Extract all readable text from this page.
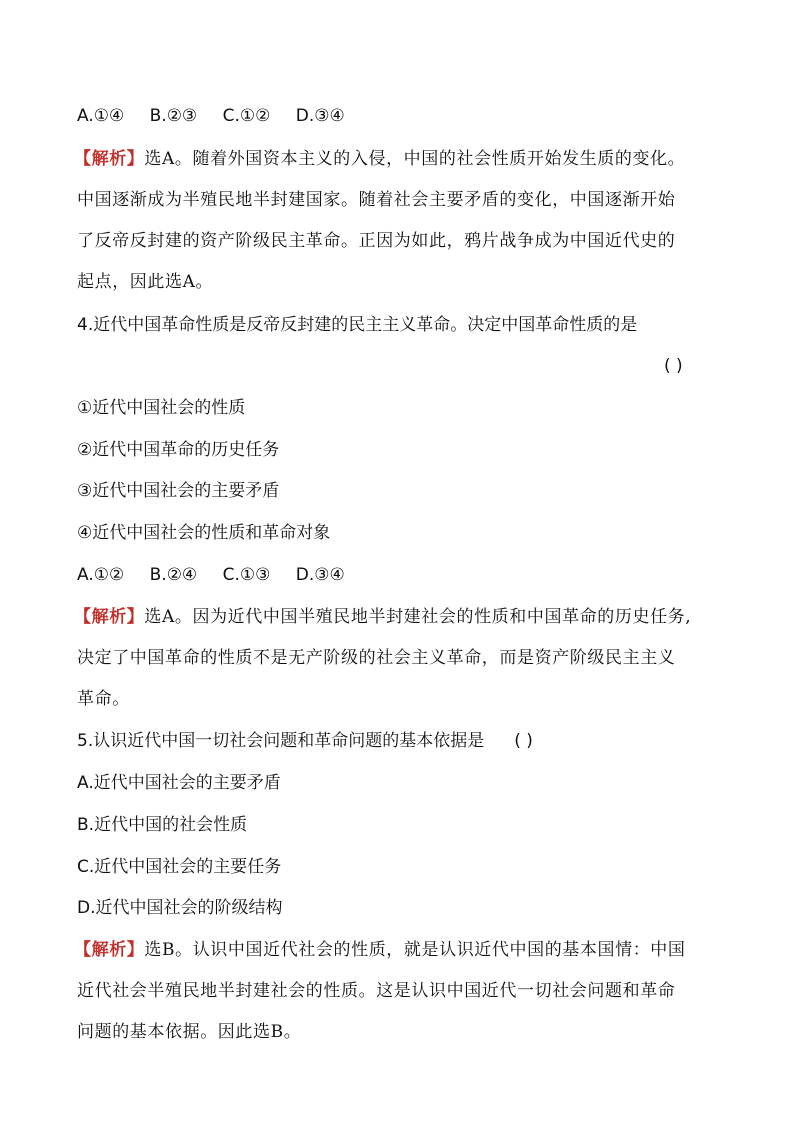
A.①④ B.②③ C.①② D.③④
【解析】选A。随着外国资本主义的入侵，中国的社会性质开始发生质的变化。
中国逐渐成为半殖民地半封建国家。随着社会主要矛盾的变化，中国逐渐开始
了反帝反封建的资产阶级民主革命。正因为如此，鸦片战争成为中国近代史的
起点，因此选A。
4.近代中国革命性质是反帝反封建的民主主义革命。决定中国革命性质的是
( )
①近代中国社会的性质
②近代中国革命的历史任务
③近代中国社会的主要矛盾
④近代中国社会的性质和革命对象
A.①② B.②④ C.①③ D.③④
【解析】选A。因为近代中国半殖民地半封建社会的性质和中国革命的历史任务,
决定了中国革命的性质不是无产阶级的社会主义革命，而是资产阶级民主主义
革命。
5.认识近代中国一切社会问题和革命问题的基本依据是 ( )
A.近代中国社会的主要矛盾
B.近代中国的社会性质
C.近代中国社会的主要任务
D.近代中国社会的阶级结构
【解析】选B。认识中国近代社会的性质，就是认识近代中国的基本国情：中国
近代社会半殖民地半封建社会的性质。这是认识中国近代一切社会问题和革命
问题的基本依据。因此选B。
